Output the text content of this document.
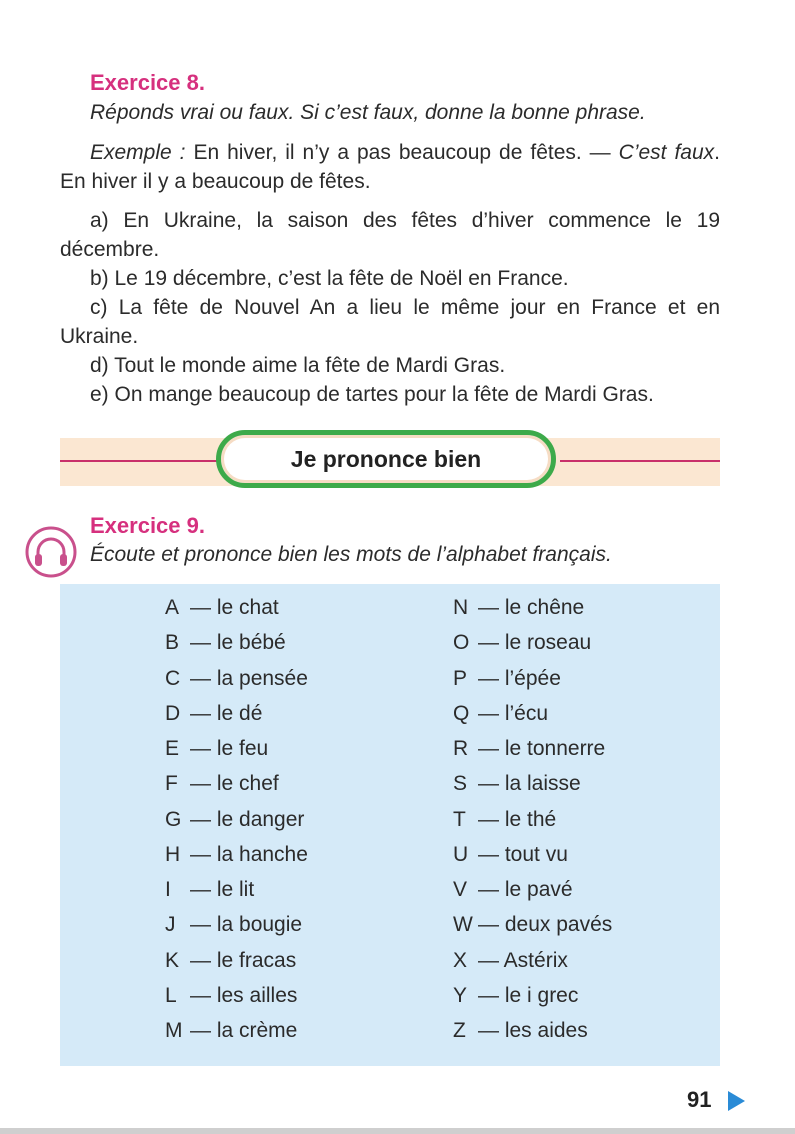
Exercice 8.
Réponds vrai ou faux. Si c’est faux, donne la bonne phrase.

Exemple : En hiver, il n’y a pas beaucoup de fêtes. — C’est faux. En hiver il y a beaucoup de fêtes.

a) En Ukraine, la saison des fêtes d’hiver commence le 19 décembre.

b) Le 19 décembre, c’est la fête de Noël en France.

c) La fête de Nouvel An a lieu le même jour en France et en Ukraine.

d) Tout le monde aime la fête de Mardi Gras.

e) On mange beaucoup de tartes pour la fête de Mardi Gras.

Je prononce bien
Exercice 9.
Écoute et prononce bien les mots de l’alphabet français.
A — le chat
B — le bébé
C — la pensée
D — le dé
E — le feu
F — le chef
G — le danger
H — la hanche
I — le lit
J — la bougie
K — le fracas
L — les ailles
M — la crème
N — le chêne
O — le roseau
P — l’épée
Q — l’écu
R — le tonnerre
S — la laisse
T — le thé
U — tout vu
V — le pavé
W — deux pavés
X — Astérix
Y — le i grec
Z — les aides
91
